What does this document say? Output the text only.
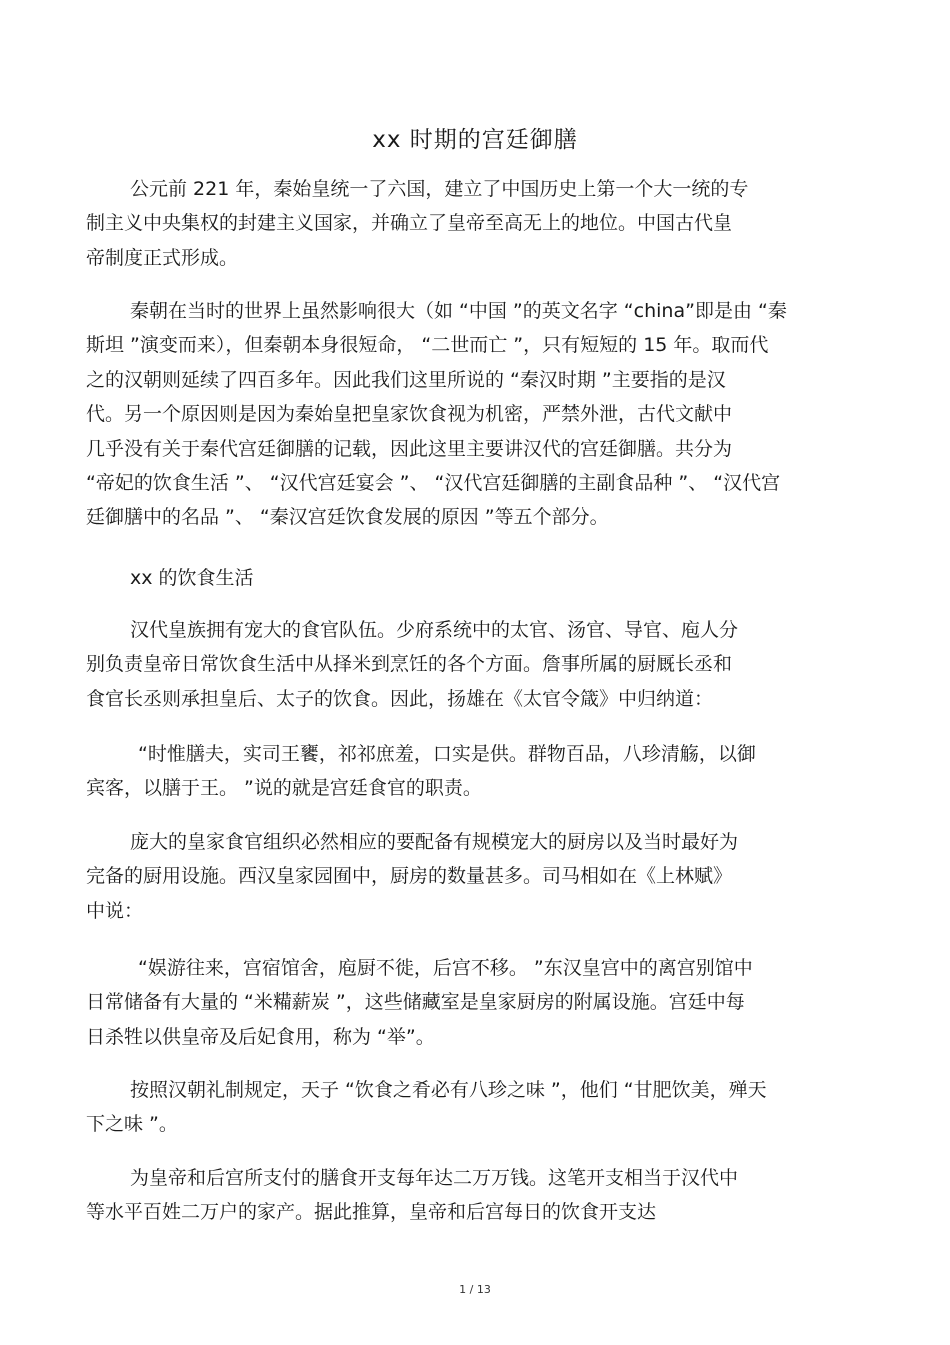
xx 时期的宫廷御膳

公元前 221 年，秦始皇统一了六国，建立了中国历史上第一个大一统的专
制主义中央集权的封建主义国家，并确立了皇帝至高无上的地位。中国古代皇
帝制度正式形成。

秦朝在当时的世界上虽然影响很大（如 “中国 ”的英文名字 “china”即是由 “秦
斯坦 ”演变而来），但秦朝本身很短命， “二世而亡 ”，只有短短的 15 年。取而代
之的汉朝则延续了四百多年。因此我们这里所说的 “秦汉时期 ”主要指的是汉
代。另一个原因则是因为秦始皇把皇家饮食视为机密，严禁外泄，古代文献中
几乎没有关于秦代宫廷御膳的记载，因此这里主要讲汉代的宫廷御膳。共分为
“帝妃的饮食生活 ”、 “汉代宫廷宴会 ”、 “汉代宫廷御膳的主副食品种 ”、 “汉代宫
廷御膳中的名品 ”、 “秦汉宫廷饮食发展的原因 ”等五个部分。

xx 的饮食生活

汉代皇族拥有宠大的食官队伍。少府系统中的太官、汤官、导官、庖人分
别负责皇帝日常饮食生活中从择米到烹饪的各个方面。詹事所属的厨厩长丞和
食官长丞则承担皇后、太子的饮食。因此，扬雄在《太官令箴》中归纳道：

“时惟膳夫，实司王饔，祁祁庶羞，口实是供。群物百品，八珍清觞，以御
宾客，以膳于王。 ”说的就是宫廷食官的职责。

庞大的皇家食官组织必然相应的要配备有规模宠大的厨房以及当时最好为
完备的厨用设施。西汉皇家园囿中，厨房的数量甚多。司马相如在《上林赋》
中说：

“娱游往来，宫宿馆舍，庖厨不徙，后宫不移。 ”东汉皇宫中的离宫别馆中
日常储备有大量的 “米糒薪炭 ”，这些储藏室是皇家厨房的附属设施。宫廷中每
日杀牲以供皇帝及后妃食用，称为 “举”。

按照汉朝礼制规定，天子 “饮食之肴必有八珍之味 ”，他们 “甘肥饮美，殚天
下之味 ”。

为皇帝和后宫所支付的膳食开支每年达二万万钱。这笔开支相当于汉代中
等水平百姓二万户的家产。据此推算，皇帝和后宫每日的饮食开支达

1 / 13
